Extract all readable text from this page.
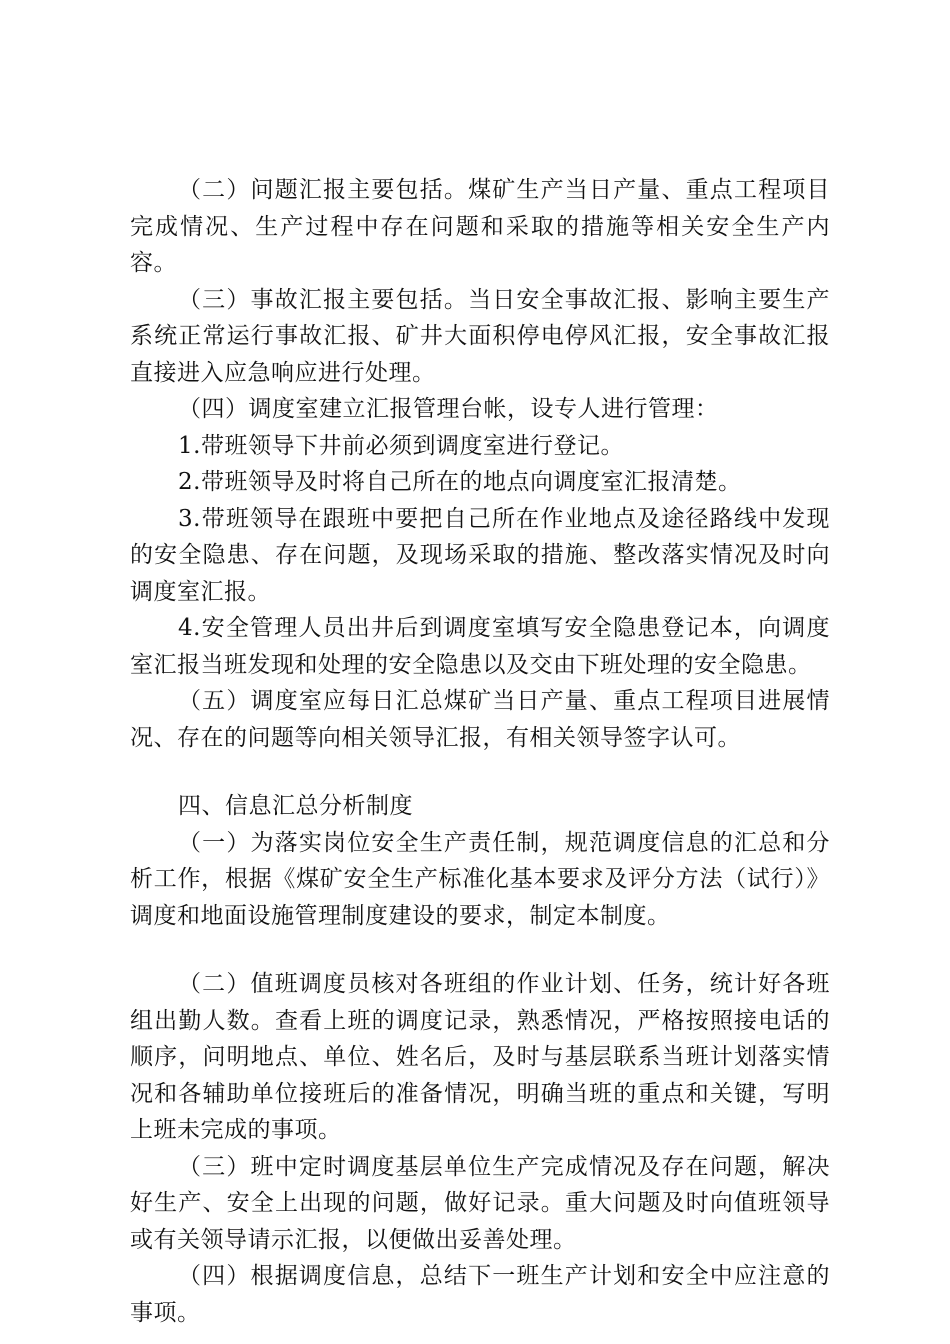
（二）问题汇报主要包括。煤矿生产当日产量、重点工程项目完成情况、生产过程中存在问题和采取的措施等相关安全生产内容。

（三）事故汇报主要包括。当日安全事故汇报、影响主要生产系统正常运行事故汇报、矿井大面积停电停风汇报，安全事故汇报直接进入应急响应进行处理。

（四）调度室建立汇报管理台帐，设专人进行管理：

1.带班领导下井前必须到调度室进行登记。

2.带班领导及时将自己所在的地点向调度室汇报清楚。

3.带班领导在跟班中要把自己所在作业地点及途径路线中发现的安全隐患、存在问题，及现场采取的措施、整改落实情况及时向调度室汇报。

4.安全管理人员出井后到调度室填写安全隐患登记本，向调度室汇报当班发现和处理的安全隐患以及交由下班处理的安全隐患。

（五）调度室应每日汇总煤矿当日产量、重点工程项目进展情况、存在的问题等向相关领导汇报，有相关领导签字认可。

四、信息汇总分析制度

（一）为落实岗位安全生产责任制，规范调度信息的汇总和分析工作，根据《煤矿安全生产标准化基本要求及评分方法（试行）》调度和地面设施管理制度建设的要求，制定本制度。

（二）值班调度员核对各班组的作业计划、任务，统计好各班组出勤人数。查看上班的调度记录，熟悉情况，严格按照接电话的顺序，问明地点、单位、姓名后，及时与基层联系当班计划落实情况和各辅助单位接班后的准备情况，明确当班的重点和关键，写明上班未完成的事项。

（三）班中定时调度基层单位生产完成情况及存在问题，解决好生产、安全上出现的问题，做好记录。重大问题及时向值班领导或有关领导请示汇报，以便做出妥善处理。

（四）根据调度信息，总结下一班生产计划和安全中应注意的事项。
